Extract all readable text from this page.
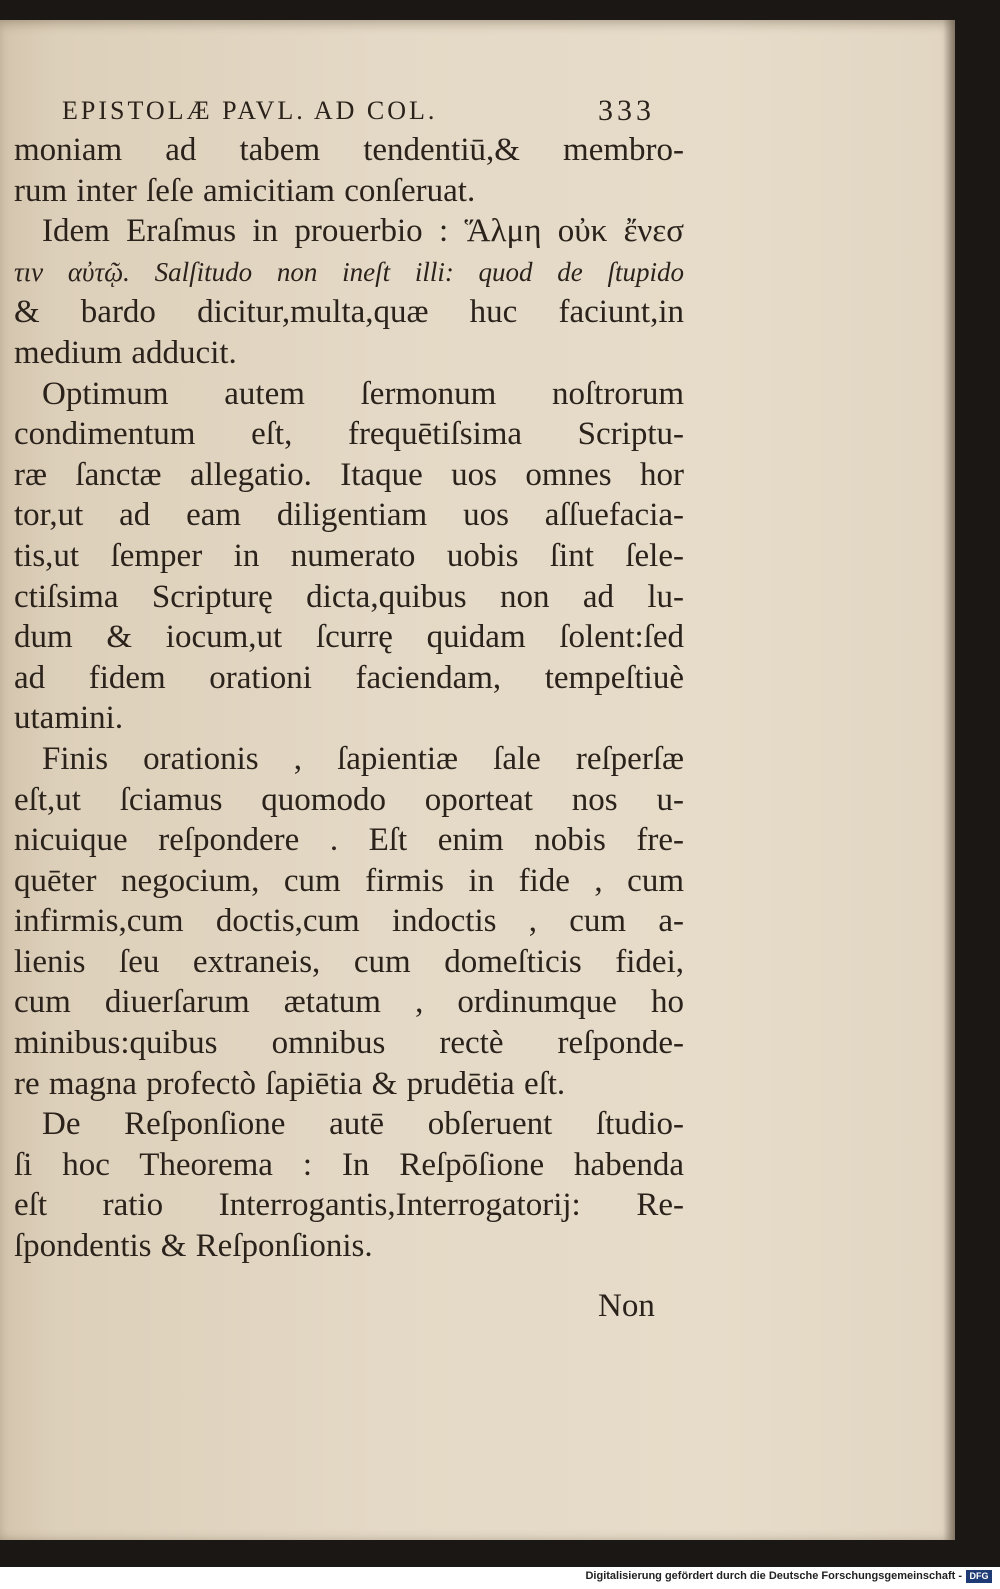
EPISTOLÆ PAVL. AD COL.	333

moniam ad tabem tendentiū,& membro-
rum inter ſeſe amicitiam conſeruat.

Idem Eraſmus in prouerbio : Ἅλμη οὐκ ἔνεσ
τιν αὐτῷ. Salſitudo non ineſt illi: quod de ſtupido
& bardo dicitur,multa,quæ huc faciunt,in
medium adducit.

Optimum autem ſermonum noſtrorum
condimentum eſt, frequētiſsima Scriptu-
ræ ſanctæ allegatio. Itaque uos omnes hor
tor,ut ad eam diligentiam uos aſſuefacia-
tis,ut ſemper in numerato uobis ſint ſele-
ctiſsima Scripturę dicta,quibus non ad lu-
dum & iocum,ut ſcurrę quidam ſolent:ſed
ad fidem orationi faciendam, tempeſtiuè
utamini.

Finis orationis , ſapientiæ ſale reſperſæ
eſt,ut ſciamus quomodo oporteat nos u-
nicuique reſpondere . Eſt enim nobis fre-
quēter negocium, cum firmis in fide , cum
infirmis,cum doctis,cum indoctis , cum a-
lienis ſeu extraneis, cum domeſticis fidei,
cum diuerſarum ætatum , ordinumque ho
minibus:quibus omnibus rectè reſponde-
re magna profectò ſapiētia & prudētia eſt.

De Reſponſione autē obſeruent ſtudio-
ſi hoc Theorema : In Reſpōſione habenda
eſt ratio Interrogantis,Interrogatorij: Re-
ſpondentis & Reſponſionis.

Non
Digitalisierung gefördert durch die Deutsche Forschungsgemeinschaft - DFG
